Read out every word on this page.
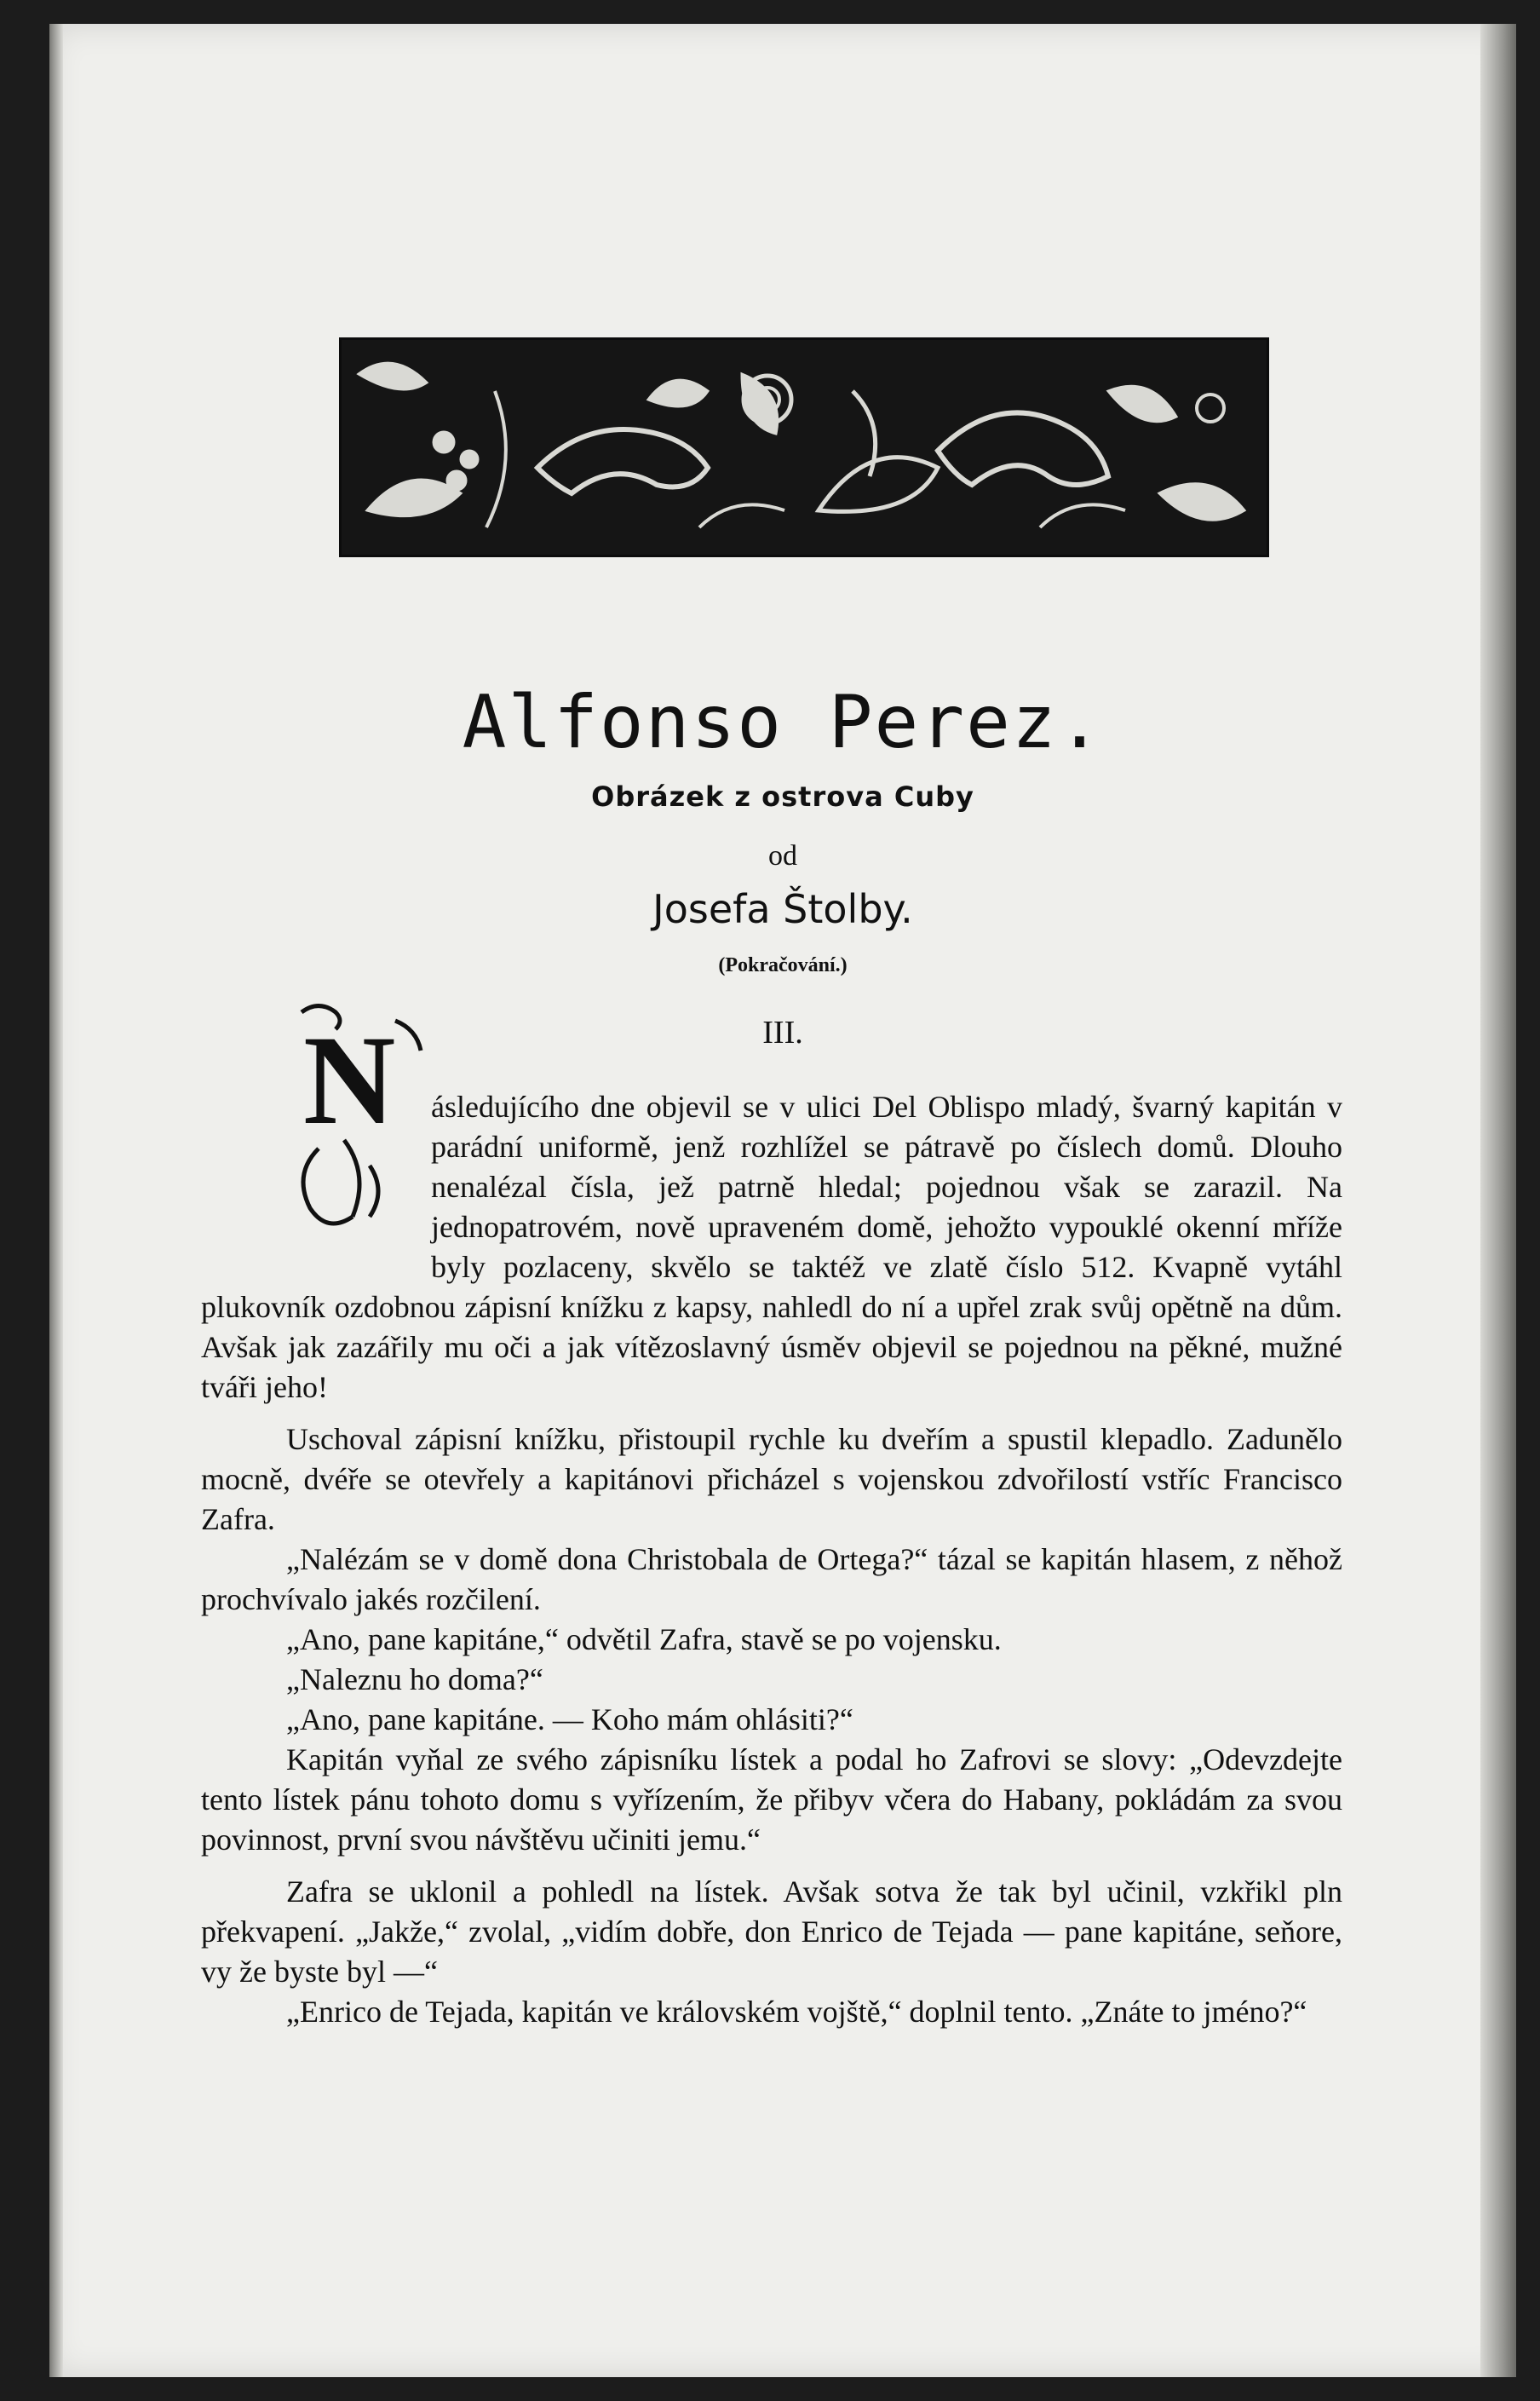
Alfonso Perez.
Obrázek z ostrova Cuby
od
Josefa Štolby.
(Pokračování.)
III.
N	ásledujícího dne objevil se v ulici Del Oblispo mladý, švarný kapitán v parádní uniformě, jenž rozhlížel se pátravě po číslech domů. Dlouho nenalézal čísla, jež patrně hledal; pojednou však se zarazil. Na jednopatrovém, nově upraveném domě, jehožto vypouklé okenní mříže byly pozlaceny, skvělo se taktéž ve zlatě číslo 512. Kvapně vytáhl plukovník ozdobnou zápisní knížku z kapsy, nahledl do ní a upřel zrak svůj opětně na dům. Avšak jak zazářily mu oči a jak vítězoslavný úsměv objevil se pojednou na pěkné, mužné tváři jeho!

Uschoval zápisní knížku, přistoupil rychle ku dveřím a spustil klepadlo. Zadunělo mocně, dvéře se otevřely a kapitánovi přicházel s vojenskou zdvořilostí vstříc Francisco Zafra.

„Nalézám se v domě dona Christobala de Ortega?“ tázal se kapitán hlasem, z něhož prochvívalo jakés rozčilení.

„Ano, pane kapitáne,“ odvětil Zafra, stavě se po vojensku.

„Naleznu ho doma?“

„Ano, pane kapitáne. — Koho mám ohlásiti?“

Kapitán vyňal ze svého zápisníku lístek a podal ho Zafrovi se slovy: „Odevzdejte tento lístek pánu tohoto domu s vyřízením, že přibyv včera do Habany, pokládám za svou povinnost, první svou návštěvu učiniti jemu.“

Zafra se uklonil a pohledl na lístek. Avšak sotva že tak byl učinil, vzkřikl pln překvapení. „Jakže,“ zvolal, „vidím dobře, don Enrico de Tejada — pane kapitáne, seňore, vy že byste byl —“

„Enrico de Tejada, kapitán ve královském vojště,“ doplnil tento. „Znáte to jméno?“
